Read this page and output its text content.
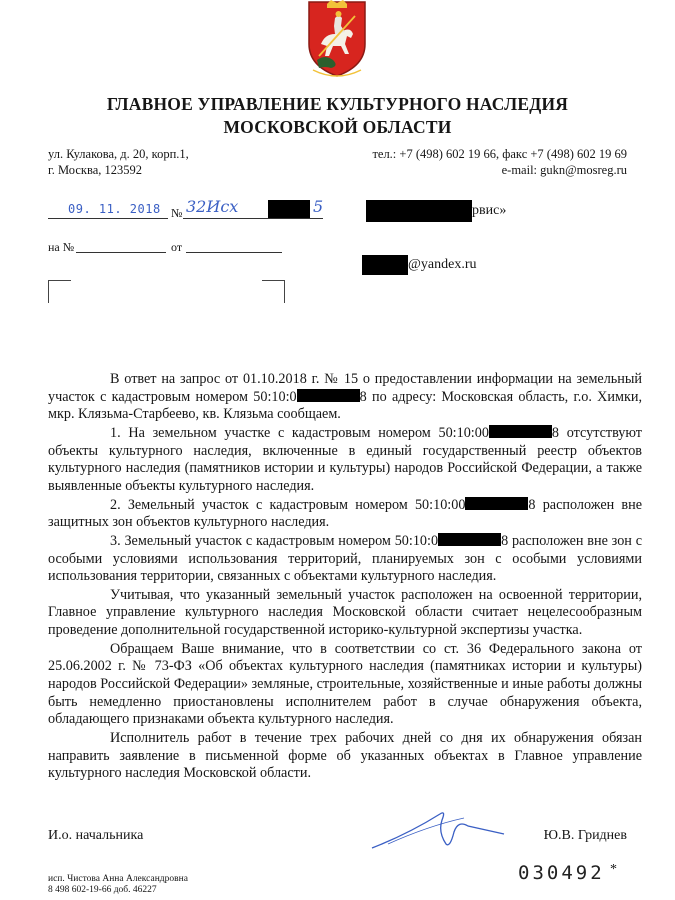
ГЛАВНОЕ УПРАВЛЕНИЕ КУЛЬТУРНОГО НАСЛЕДИЯ
МОСКОВСКОЙ ОБЛАСТИ
ул. Кулакова, д. 20, корп.1,
г. Москва, 123592
тел.: +7 (498) 602 19 66, факс +7 (498) 602 19 69
e-mail: gukn@mosreg.ru
09. 11. 2018 № 32Исх	5
на №	от
рвис»
@yandex.ru

В ответ на запрос от 01.10.2018 г. № 15 о предоставлении информации на земельный участок с кадастровым номером 50:10:0	8 по адресу: Московская область, г.о. Химки, мкр. Клязьма-Старбеево, кв. Клязьма сообщаем.

1. На земельном участке с кадастровым номером 50:10:00	8 отсутствуют объекты культурного наследия, включенные в единый государственный реестр объектов культурного наследия (памятников истории и культуры) народов Российской Федерации, а также выявленные объекты культурного наследия.

2. Земельный участок с кадастровым номером 50:10:00	8 расположен вне защитных зон объектов культурного наследия.

3. Земельный участок с кадастровым номером 50:10:0	8 расположен вне зон с особыми условиями использования территорий, планируемых зон с особыми условиями использования территории, связанных с объектами культурного наследия.

Учитывая, что указанный земельный участок расположен на освоенной территории, Главное управление культурного наследия Московской области считает нецелесообразным проведение дополнительной государственной историко-культурной экспертизы участка.

Обращаем Ваше внимание, что в соответствии со ст. 36 Федерального закона от 25.06.2002 г. № 73-ФЗ «Об объектах культурного наследия (памятниках истории и культуры) народов Российской Федерации» земляные, строительные, хозяйственные и иные работы должны быть немедленно приостановлены исполнителем работ в случае обнаружения объекта, обладающего признаками объекта культурного наследия.

Исполнитель работ в течение трех рабочих дней со дня их обнаружения обязан направить заявление в письменной форме об указанных объектах в Главное управление культурного наследия Московской области.

И.о. начальника	Ю.В. Гриднев
исп. Чистова Анна Александровна
8 498 602-19-66 доб. 46227
030492 *
